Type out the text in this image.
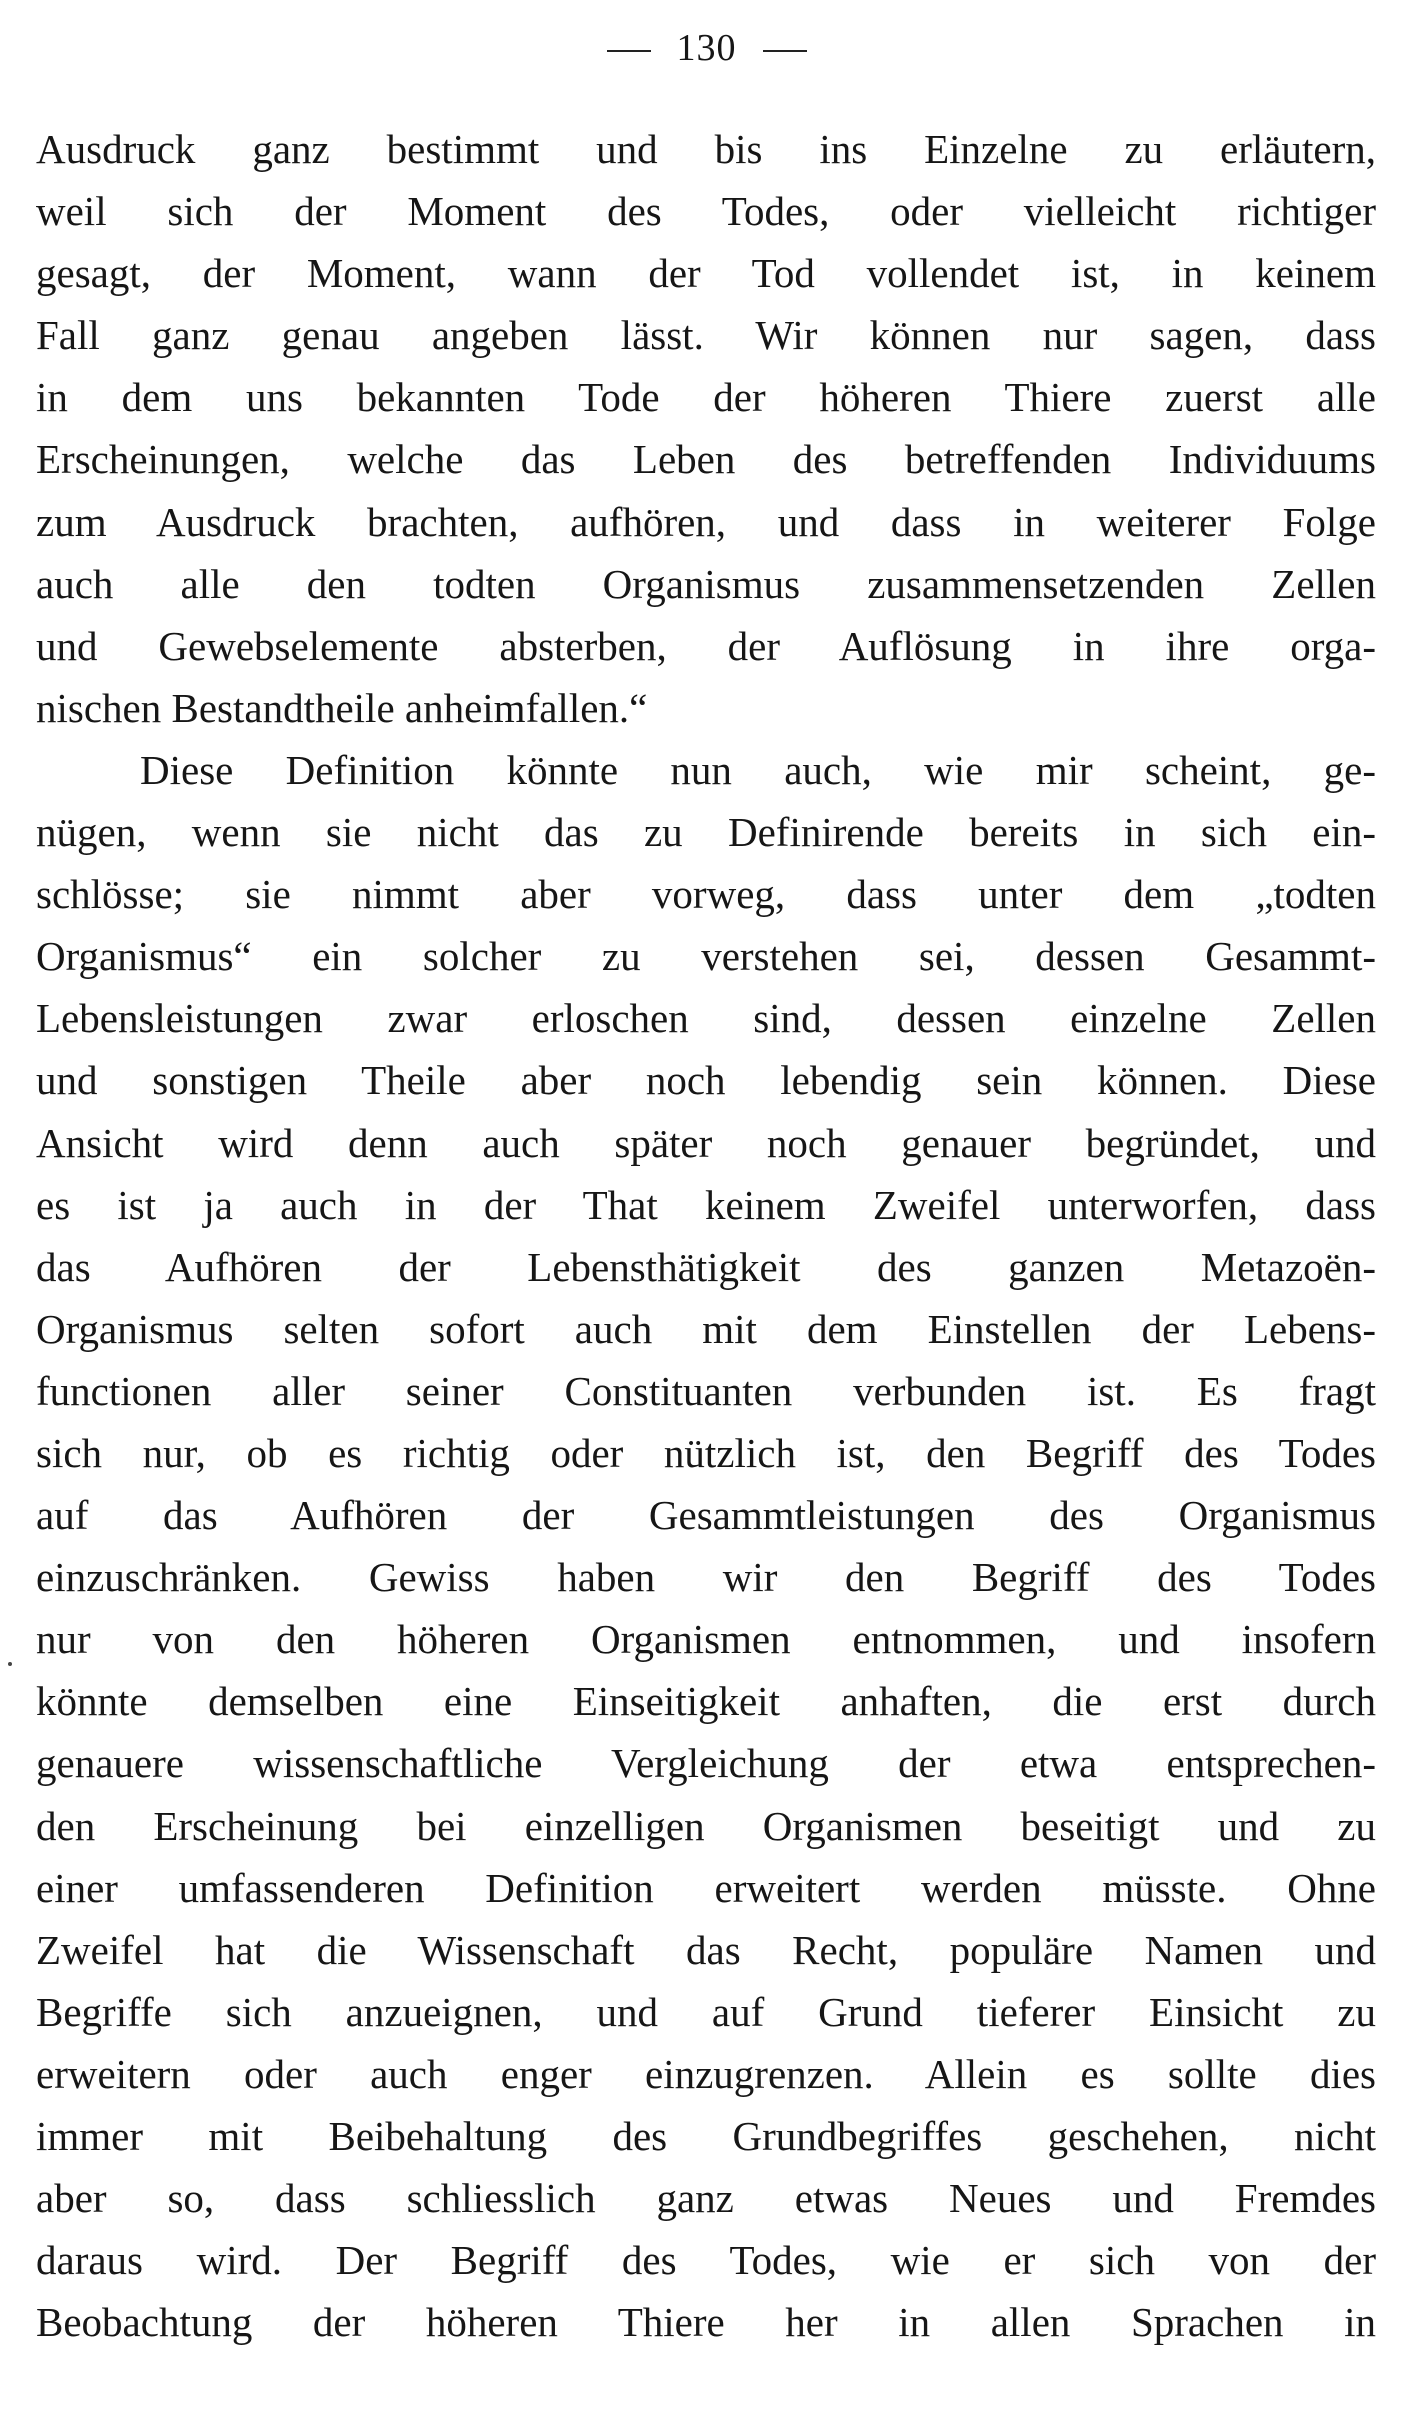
130
Ausdruck ganz bestimmt und bis ins Einzelne zu erläutern,
weil sich der Moment des Todes, oder vielleicht richtiger
gesagt, der Moment, wann der Tod vollendet ist, in keinem
Fall ganz genau angeben lässt. Wir können nur sagen, dass
in dem uns bekannten Tode der höheren Thiere zuerst alle
Erscheinungen, welche das Leben des betreffenden Individuums
zum Ausdruck brachten, aufhören, und dass in weiterer Folge
auch alle den todten Organismus zusammensetzenden Zellen
und Gewebselemente absterben, der Auflösung in ihre orga-
nischen Bestandtheile anheimfallen.“
Diese Definition könnte nun auch, wie mir scheint, ge-
nügen, wenn sie nicht das zu Definirende bereits in sich ein-
schlösse; sie nimmt aber vorweg, dass unter dem „todten
Organismus“ ein solcher zu verstehen sei, dessen Gesammt-
Lebensleistungen zwar erloschen sind, dessen einzelne Zellen
und sonstigen Theile aber noch lebendig sein können. Diese
Ansicht wird denn auch später noch genauer begründet, und
es ist ja auch in der That keinem Zweifel unterworfen, dass
das Aufhören der Lebensthätigkeit des ganzen Metazoën-
Organismus selten sofort auch mit dem Einstellen der Lebens-
functionen aller seiner Constituanten verbunden ist. Es fragt
sich nur, ob es richtig oder nützlich ist, den Begriff des Todes
auf das Aufhören der Gesammtleistungen des Organismus
einzuschränken. Gewiss haben wir den Begriff des Todes
nur von den höheren Organismen entnommen, und insofern
könnte demselben eine Einseitigkeit anhaften, die erst durch
genauere wissenschaftliche Vergleichung der etwa entsprechen-
den Erscheinung bei einzelligen Organismen beseitigt und zu
einer umfassenderen Definition erweitert werden müsste. Ohne
Zweifel hat die Wissenschaft das Recht, populäre Namen und
Begriffe sich anzueignen, und auf Grund tieferer Einsicht zu
erweitern oder auch enger einzugrenzen. Allein es sollte dies
immer mit Beibehaltung des Grundbegriffes geschehen, nicht
aber so, dass schliesslich ganz etwas Neues und Fremdes
daraus wird. Der Begriff des Todes, wie er sich von der
Beobachtung der höheren Thiere her in allen Sprachen in
